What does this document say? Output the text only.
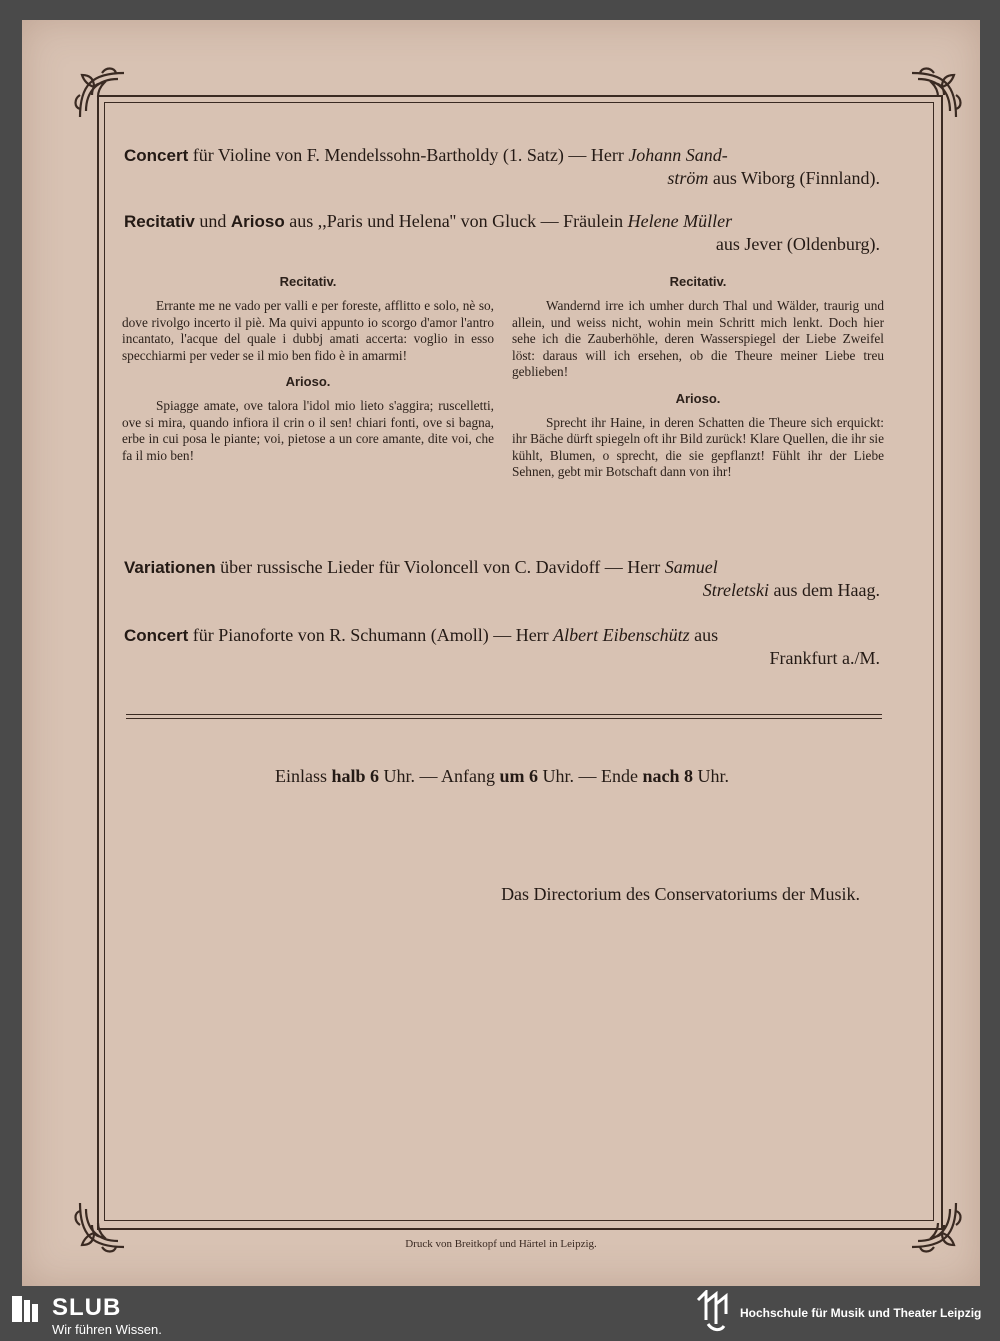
Concert für Violine von F. Mendelssohn-Bartholdy (1. Satz) — Herr Johann Sand-
ström aus Wiborg (Finnland).
Recitativ und Arioso aus ,,Paris und Helena'' von Gluck — Fräulein Helene Müller
aus Jever (Oldenburg).
Recitativ.

Errante me ne vado per valli e per foreste, afflitto e solo, nè so, dove rivolgo incerto il piè. Ma quivi appunto io scorgo d'amor l'antro incantato, l'acque del quale i dubbj amati accerta: voglio in esso specchiarmi per veder se il mio ben fido è in amarmi!

Arioso.

Spiagge amate, ove talora l'idol mio lieto s'aggira; ruscelletti, ove si mira, quando infiora il crin o il sen! chiari fonti, ove si bagna, erbe in cui posa le piante; voi, pietose a un core amante, dite voi, che fa il mio ben!

Recitativ.

Wandernd irre ich umher durch Thal und Wälder, traurig und allein, und weiss nicht, wohin mein Schritt mich lenkt. Doch hier sehe ich die Zauberhöhle, deren Wasserspiegel der Liebe Zweifel löst: daraus will ich ersehen, ob die Theure meiner Liebe treu geblieben!

Arioso.

Sprecht ihr Haine, in deren Schatten die Theure sich erquickt: ihr Bäche dürft spiegeln oft ihr Bild zurück! Klare Quellen, die ihr sie kühlt, Blumen, o sprecht, die sie gepflanzt! Fühlt ihr der Liebe Sehnen, gebt mir Botschaft dann von ihr!

Variationen über russische Lieder für Violoncell von C. Davidoff — Herr Samuel
Streletski aus dem Haag.
Concert für Pianoforte von R. Schumann (Amoll) — Herr Albert Eibenschütz aus
Frankfurt a./M.
Einlass halb 6 Uhr. — Anfang um 6 Uhr. — Ende nach 8 Uhr.
Das Directorium des Conservatoriums der Musik.
Druck von Breitkopf und Härtel in Leipzig.
SLUB
Wir führen Wissen.
Hochschule für Musik und Theater Leipzig
